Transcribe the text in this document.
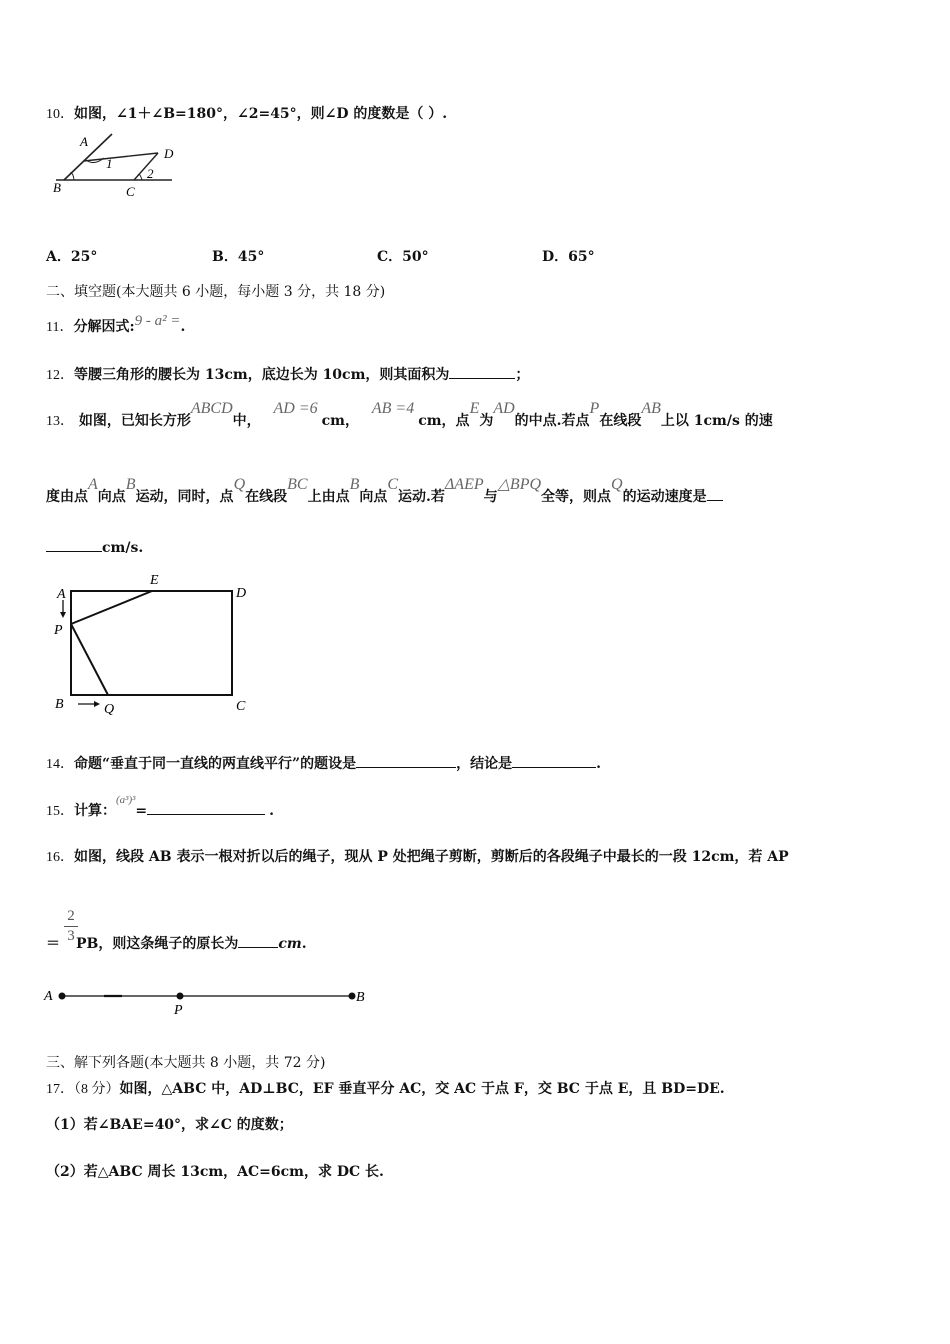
10．如图，∠1＋∠B=180°，∠2=45°，则∠D 的度数是（ ）.
A
1
D
B
2
C
A．25°	B．45°	C．50°	D．65°
二、填空题(本大题共 6 小题，每小题 3 分，共 18 分)
11．分解因式:9 - a² =.
12．等腰三角形的腰长为 13cm，底边长为 10cm，则其面积为	；
13． 如图，已知长方形ABCD中， AD =6cm， AB =4cm，点E为AD的中点.若点P在线段AB上以 1cm/s 的速
度由点A向点B运动，同时，点Q在线段BC上由点B向点C运动.若ΔAEP与△BPQ全等，则点Q的运动速度是
cm/s.
A
E
D
P
B	Q	C
14．命题“垂直于同一直线的两直线平行”的题设是	，结论是	.
15．计算：$^{(a^3)^3}$=	.
16．如图，线段 AB 表示一根对折以后的绳子，现从 P 处把绳子剪断，剪断后的各段绳子中最长的一段 12cm，若 AP
$\frac{2}{3}$
＝ PB，则这条绳子的原长为	cm.
A
P
B
三、解下列各题(本大题共 8 小题，共 72 分)
17．（8 分）如图，△ABC 中，AD⊥BC，EF 垂直平分 AC，交 AC 于点 F，交 BC 于点 E，且 BD=DE.
（1）若∠BAE=40°，求∠C 的度数；
（2）若△ABC 周长 13cm，AC=6cm，求 DC 长.
